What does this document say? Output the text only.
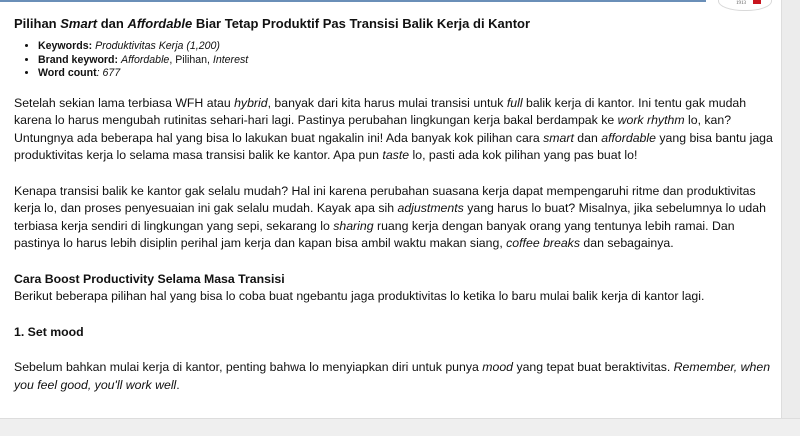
1913
Pilihan Smart dan Affordable Biar Tetap Produktif Pas Transisi Balik Kerja di Kantor
• Keywords: Produktivitas Kerja (1,200)
• Brand keyword: Affordable, Pilihan, Interest
• Word count: 677

Setelah sekian lama terbiasa WFH atau hybrid, banyak dari kita harus mulai transisi untuk full balik kerja di kantor. Ini tentu gak mudah karena lo harus mengubah rutinitas sehari-hari lagi. Pastinya perubahan lingkungan kerja bakal berdampak ke work rhythm lo, kan? Untungnya ada beberapa hal yang bisa lo lakukan buat ngakalin ini! Ada banyak kok pilihan cara smart dan affordable yang bisa bantu jaga produktivitas kerja lo selama masa transisi balik ke kantor. Apa pun taste lo, pasti ada kok pilihan yang pas buat lo!

Kenapa transisi balik ke kantor gak selalu mudah? Hal ini karena perubahan suasana kerja dapat mempengaruhi ritme dan produktivitas kerja lo, dan proses penyesuaian ini gak selalu mudah. Kayak apa sih adjustments yang harus lo buat? Misalnya, jika sebelumnya lo udah terbiasa kerja sendiri di lingkungan yang sepi, sekarang lo sharing ruang kerja dengan banyak orang yang tentunya lebih ramai. Dan pastinya lo harus lebih disiplin perihal jam kerja dan kapan bisa ambil waktu makan siang, coffee breaks dan sebagainya.

Cara Boost Productivity Selama Masa Transisi

Berikut beberapa pilihan hal yang bisa lo coba buat ngebantu jaga produktivitas lo ketika lo baru mulai balik kerja di kantor lagi.

1. Set mood

Sebelum bahkan mulai kerja di kantor, penting bahwa lo menyiapkan diri untuk punya mood yang tepat buat beraktivitas. Remember, when you feel good, you'll work well.
